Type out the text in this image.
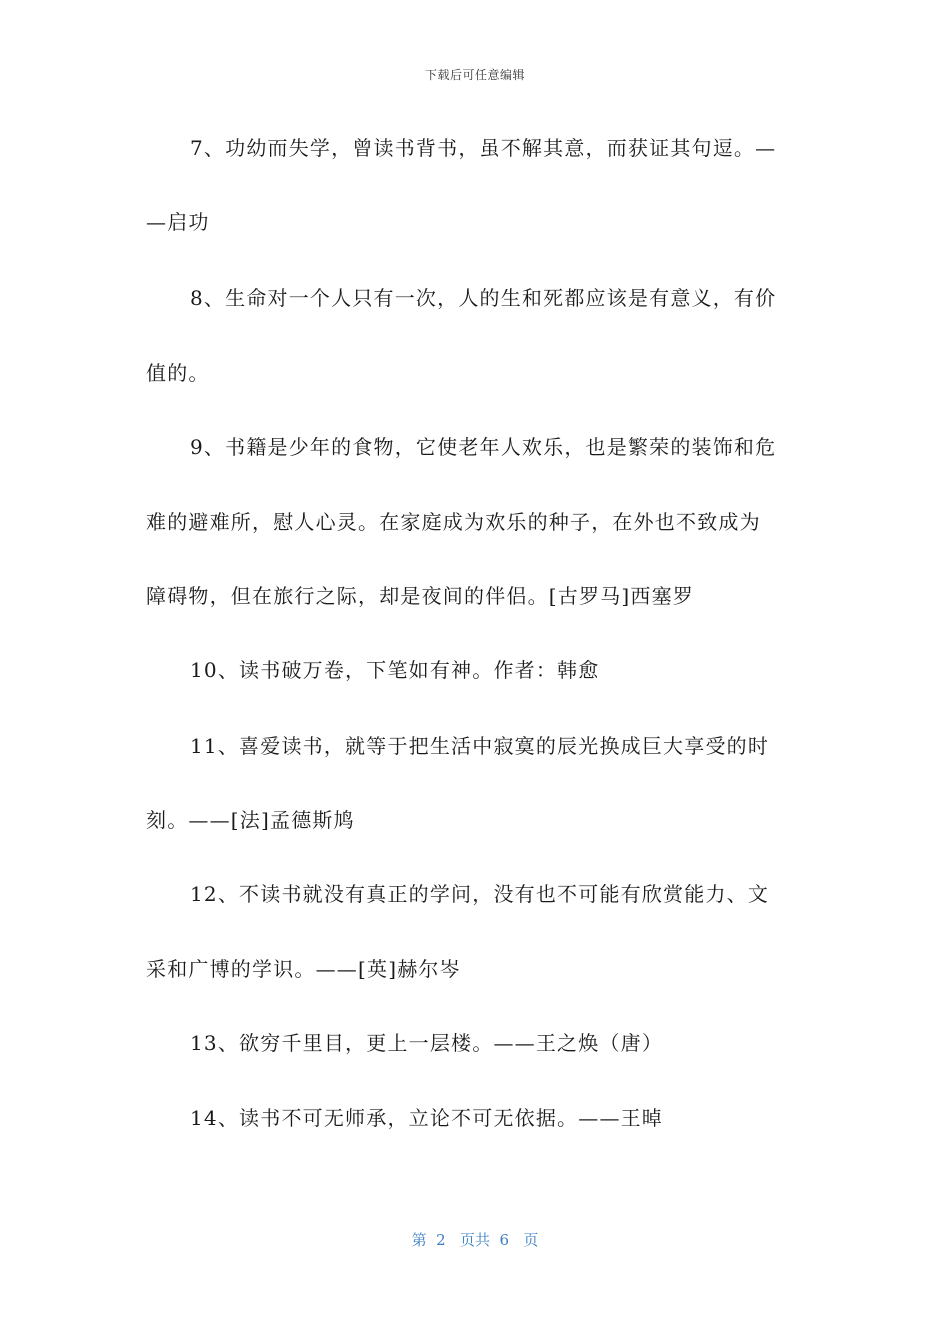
下载后可任意编辑
7、功幼而失学，曾读书背书，虽不解其意，而获证其句逗。—
—启功
8、生命对一个人只有一次，人的生和死都应该是有意义，有价
值的。
9、书籍是少年的食物，它使老年人欢乐，也是繁荣的装饰和危
难的避难所，慰人心灵。在家庭成为欢乐的种子，在外也不致成为
障碍物，但在旅行之际，却是夜间的伴侣。[古罗马]西塞罗
10、读书破万卷，下笔如有神。作者：韩愈
11、喜爱读书，就等于把生活中寂寞的辰光换成巨大享受的时
刻。——[法]孟德斯鸠
12、不读书就没有真正的学问，没有也不可能有欣赏能力、文
采和广博的学识。——[英]赫尔岑
13、欲穷千里目，更上一层楼。——王之焕（唐）
14、读书不可无师承，立论不可无依据。——王晫
第  2   页共  6   页
